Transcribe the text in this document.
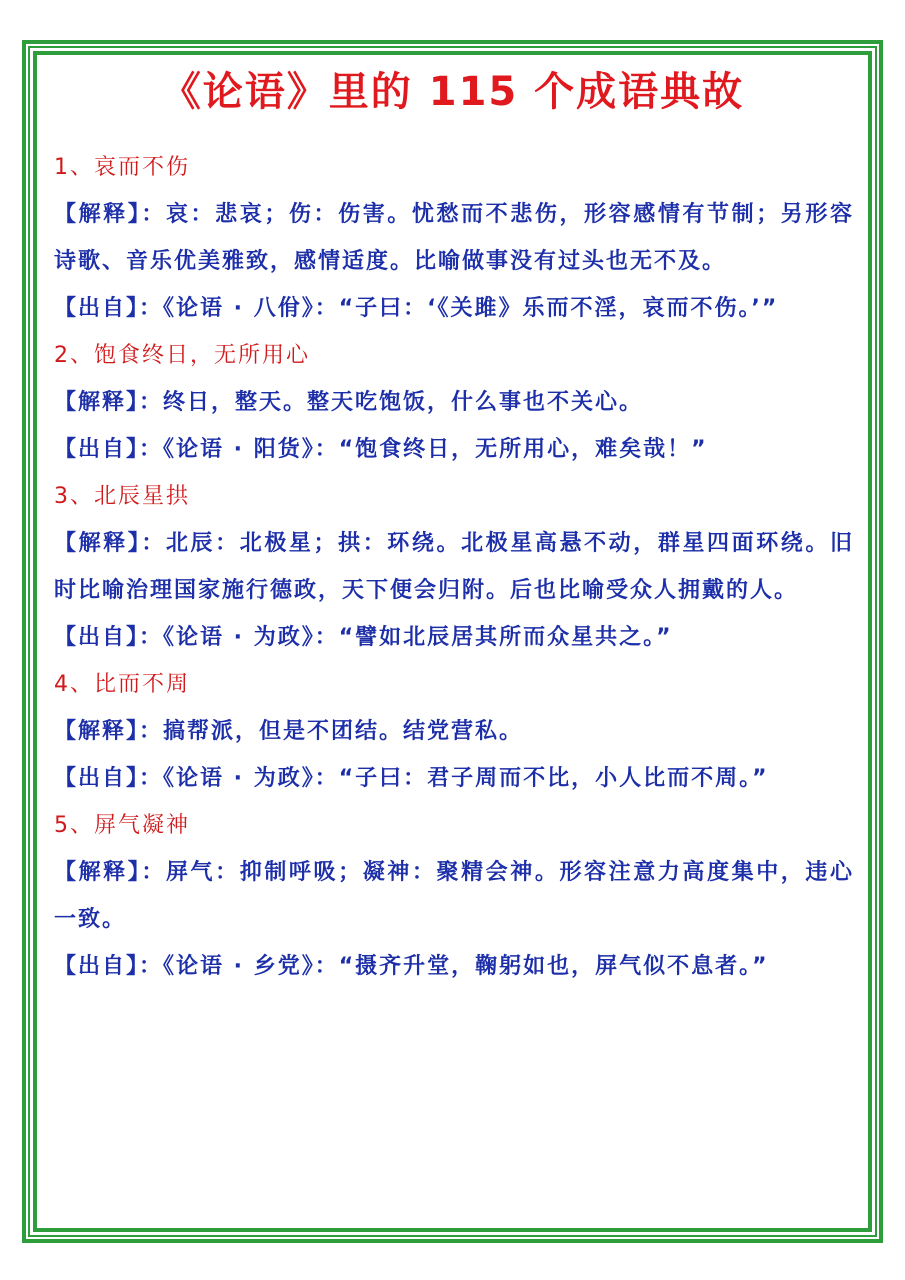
《论语》里的 115 个成语典故
1、哀而不伤
【解释】：哀：悲哀；伤：伤害。忧愁而不悲伤，形容感情有节制；另形容诗歌、音乐优美雅致，感情适度。比喻做事没有过头也无不及。
【出自】：《论语 · 八佾》：“子曰：‘《关雎》乐而不淫，哀而不伤。’”
2、饱食终日，无所用心
【解释】：终日，整天。整天吃饱饭，什么事也不关心。
【出自】：《论语 · 阳货》：“饱食终日，无所用心，难矣哉！”
3、北辰星拱
【解释】：北辰：北极星；拱：环绕。北极星高悬不动，群星四面环绕。旧时比喻治理国家施行德政，天下便会归附。后也比喻受众人拥戴的人。
【出自】：《论语 · 为政》：“譬如北辰居其所而众星共之。”
4、比而不周
【解释】：搞帮派，但是不团结。结党营私。
【出自】：《论语 · 为政》：“子曰：君子周而不比，小人比而不周。”
5、屏气凝神
【解释】：屏气：抑制呼吸；凝神：聚精会神。形容注意力高度集中，违心一致。
【出自】：《论语 · 乡党》：“摄齐升堂，鞠躬如也，屏气似不息者。”
